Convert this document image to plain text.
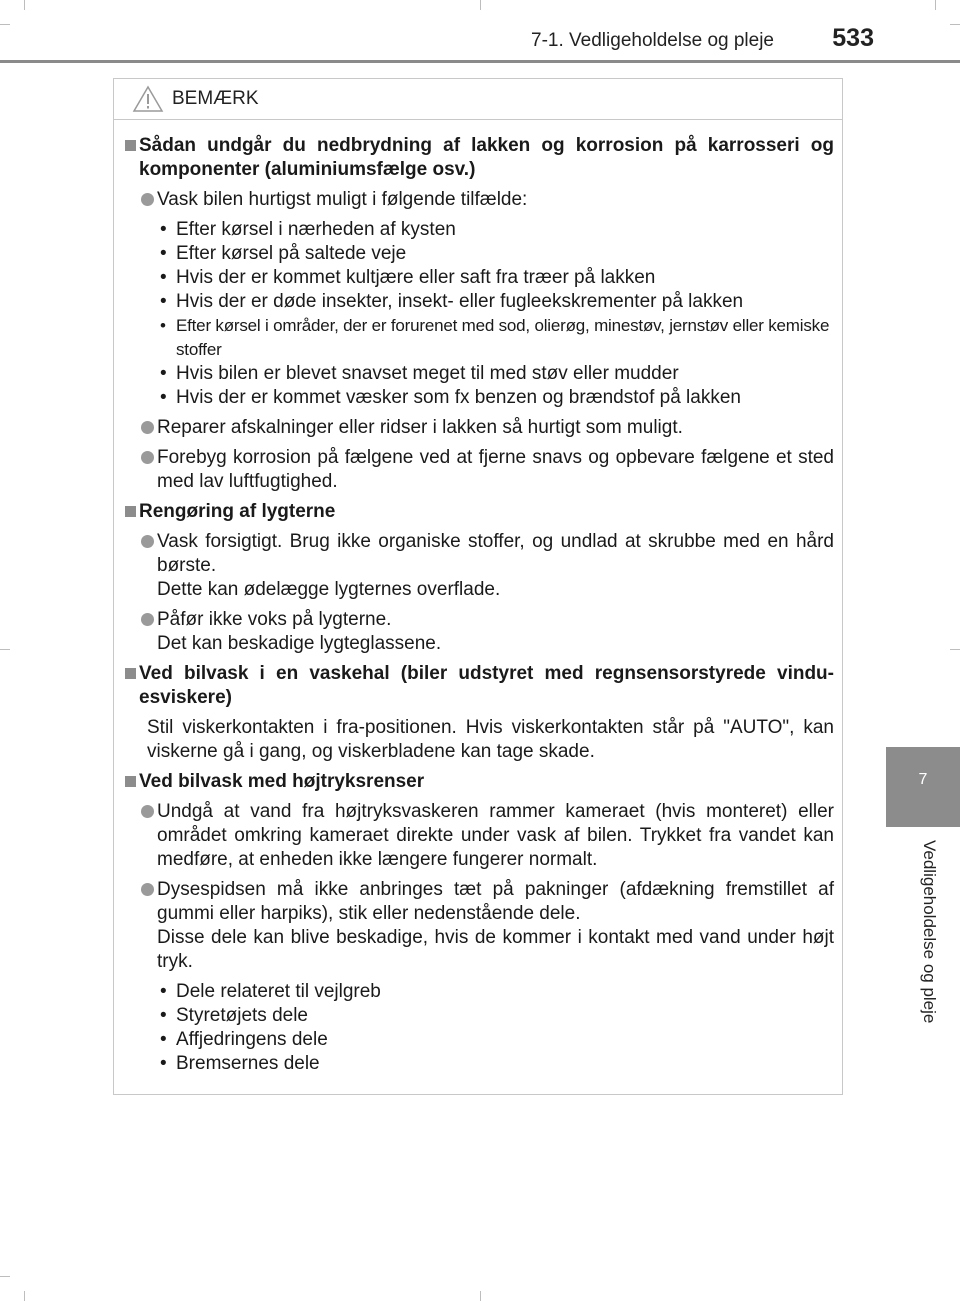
7-1. Vedligeholdelse og pleje 533
7
Vedligeholdelse og pleje
BEMÆRK
Sådan undgår du nedbrydning af lakken og korrosion på karrosseri og komponenter (aluminiumsfælge osv.)
Vask bilen hurtigst muligt i følgende tilfælde:
• Efter kørsel i nærheden af kysten
• Efter kørsel på saltede veje
• Hvis der er kommet kultjære eller saft fra træer på lakken
• Hvis der er døde insekter, insekt- eller fugleekskrementer på lakken
• Efter kørsel i områder, der er forurenet med sod, olierøg, minestøv, jernstøv eller kemiske stoffer
• Hvis bilen er blevet snavset meget til med støv eller mudder
• Hvis der er kommet væsker som fx benzen og brændstof på lakken
Reparer afskalninger eller ridser i lakken så hurtigt som muligt.
Forebyg korrosion på fælgene ved at fjerne snavs og opbevare fælgene et sted med lav luftfugtighed.
Rengøring af lygterne
Vask forsigtigt. Brug ikke organiske stoffer, og undlad at skrubbe med en hård børste.
Dette kan ødelægge lygternes overflade.
Påfør ikke voks på lygterne.
Det kan beskadige lygteglassene.
Ved bilvask i en vaskehal (biler udstyret med regnsensorstyrede vindu-esviskere)
Stil viskerkontakten i fra-positionen. Hvis viskerkontakten står på "AUTO", kan viskerne gå i gang, og viskerbladene kan tage skade.
Ved bilvask med højtryksrenser
Undgå at vand fra højtryksvaskeren rammer kameraet (hvis monteret) eller området omkring kameraet direkte under vask af bilen. Trykket fra vandet kan medføre, at enheden ikke længere fungerer normalt.
Dysespidsen må ikke anbringes tæt på pakninger (afdækning fremstillet af gummi eller harpiks), stik eller nedenstående dele.
Disse dele kan blive beskadige, hvis de kommer i kontakt med vand under højt tryk.
• Dele relateret til vejlgreb
• Styretøjets dele
• Affjedringens dele
• Bremsernes dele
